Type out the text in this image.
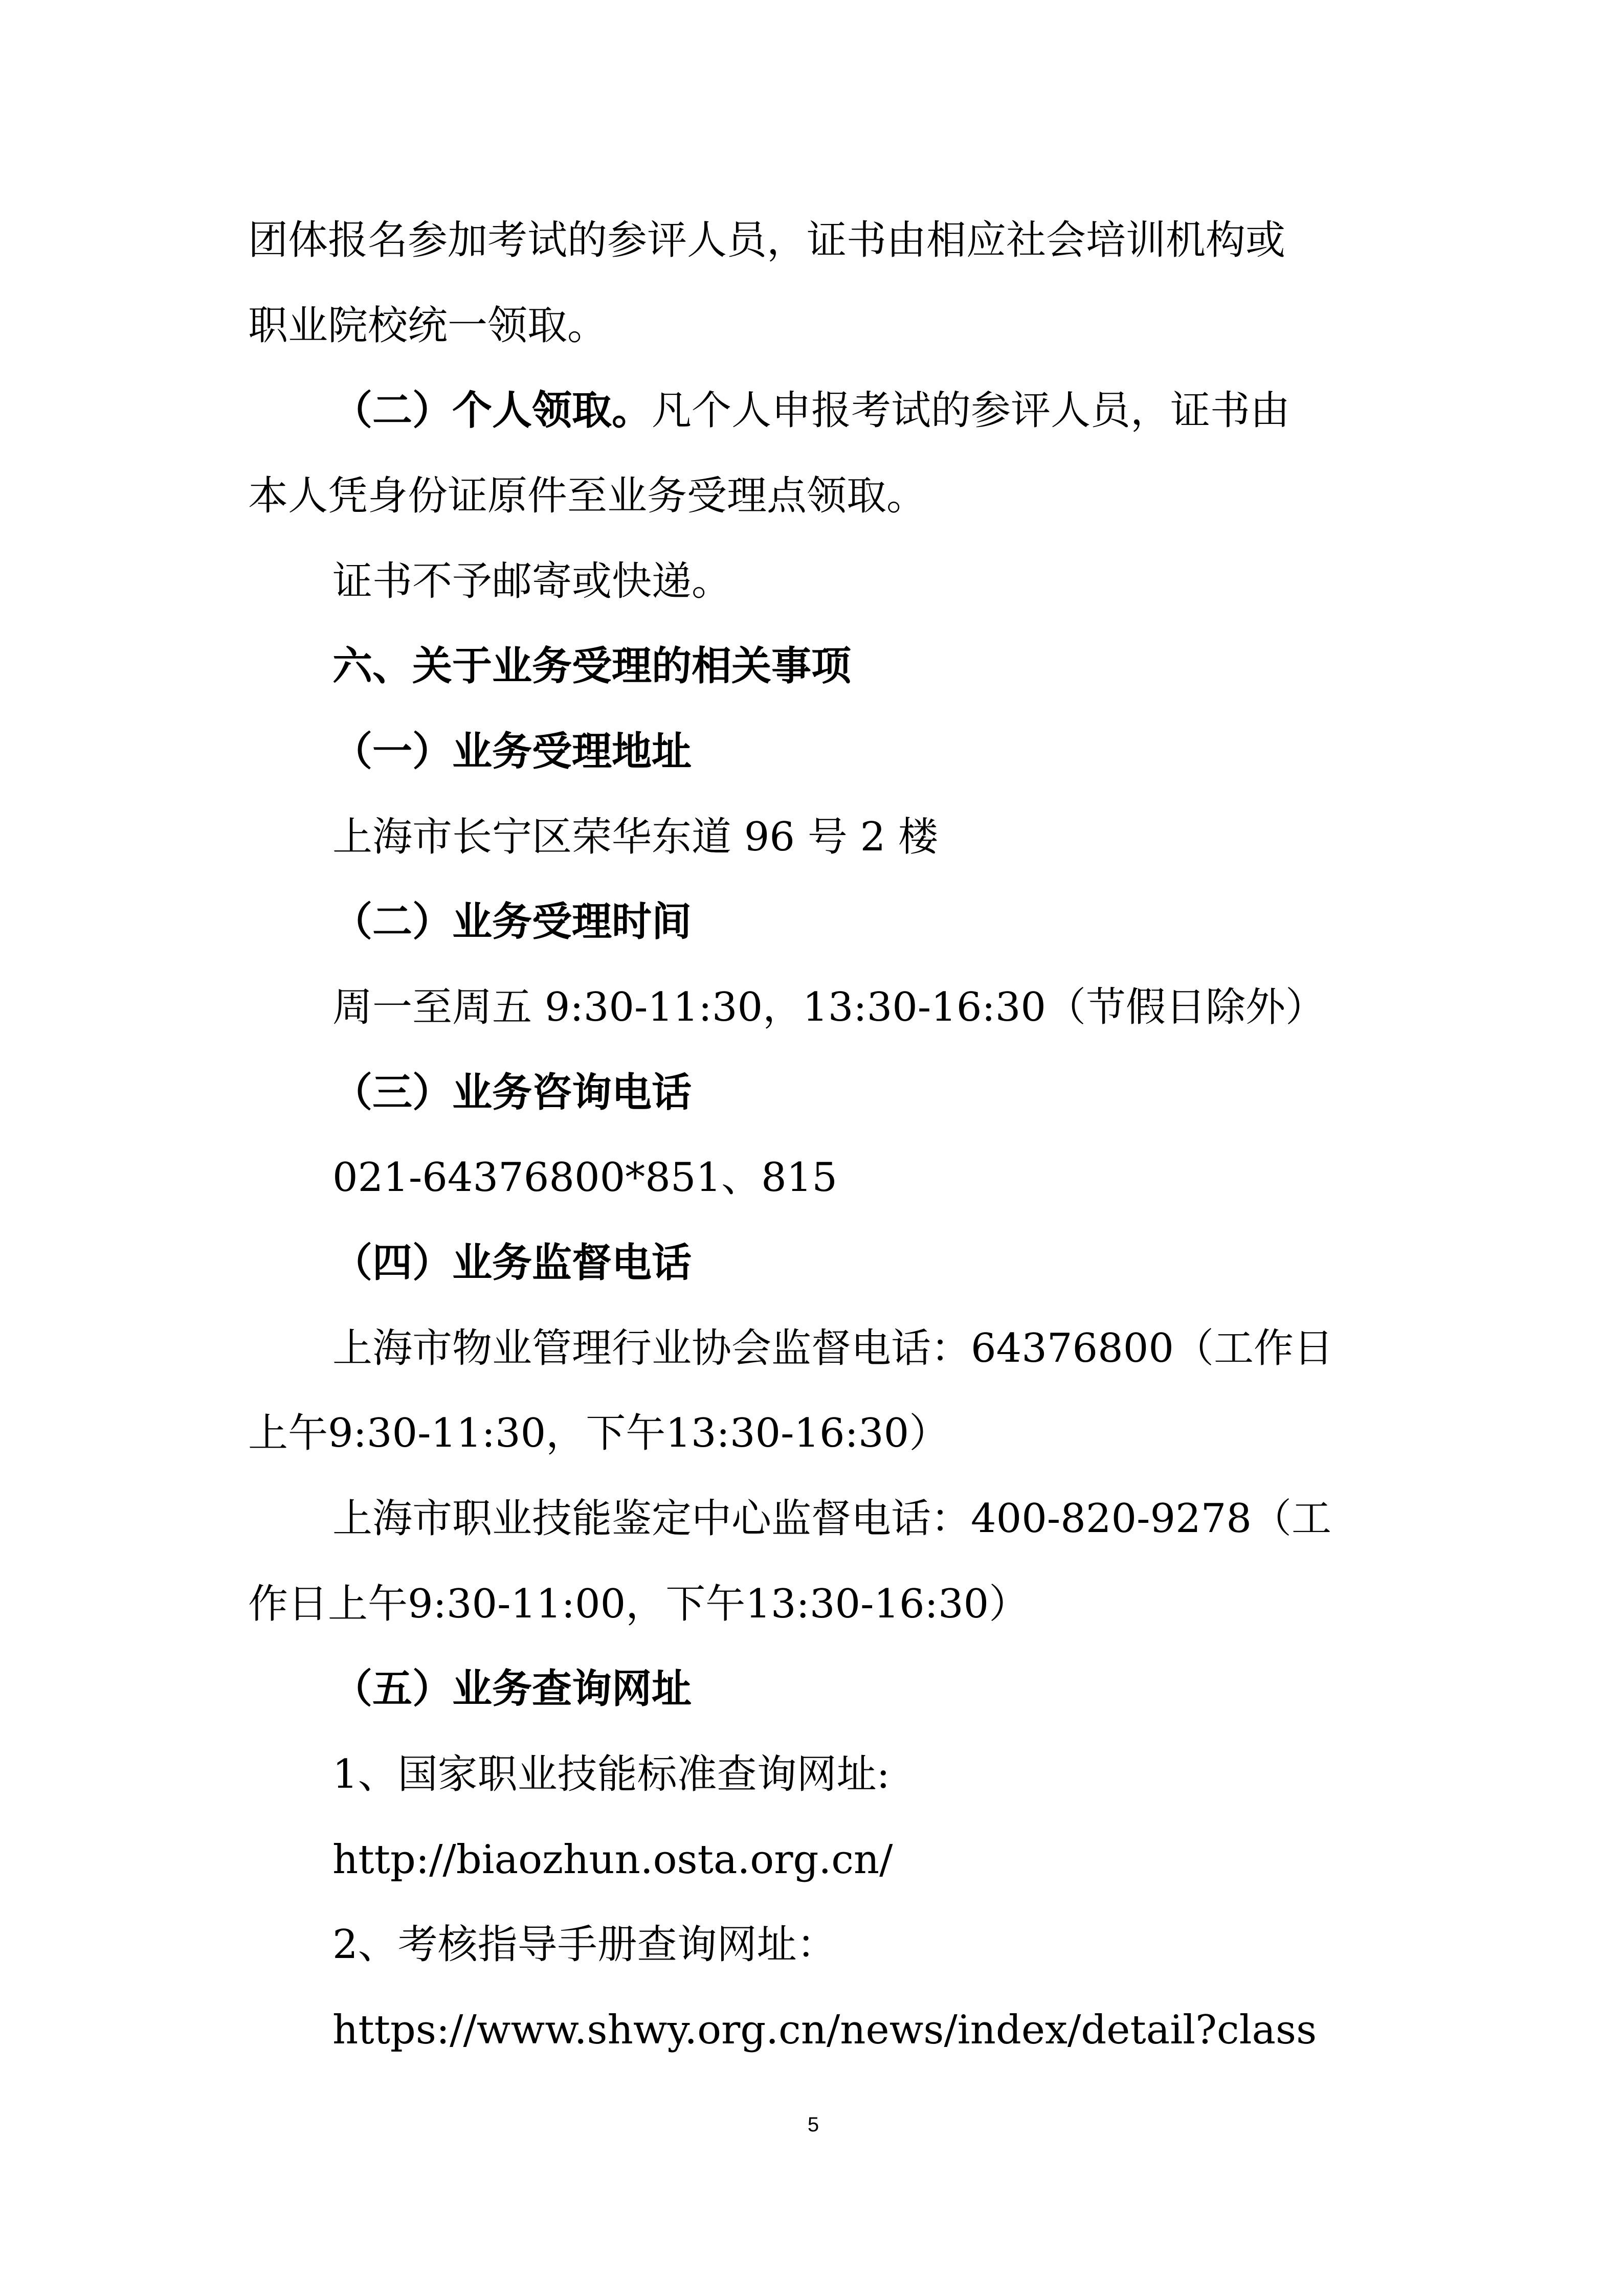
团体报名参加考试的参评人员，证书由相应社会培训机构或
职业院校统一领取。
（二）个人领取。凡个人申报考试的参评人员，证书由
本人凭身份证原件至业务受理点领取。
证书不予邮寄或快递。
六、关于业务受理的相关事项
（一）业务受理地址
上海市长宁区荣华东道 96 号 2 楼
（二）业务受理时间
周一至周五 9:30-11:30，13:30-16:30（节假日除外）
（三）业务咨询电话
021-64376800*851、815
（四）业务监督电话
上海市物业管理行业协会监督电话：64376800（工作日
上午9:30-11:30，下午13:30-16:30）
上海市职业技能鉴定中心监督电话：400-820-9278（工
作日上午9:30-11:00，下午13:30-16:30）
（五）业务查询网址
1、国家职业技能标准查询网址:
http://biaozhun.osta.org.cn/
2、考核指导手册查询网址：
https://www.shwy.org.cn/news/index/detail?class
5
